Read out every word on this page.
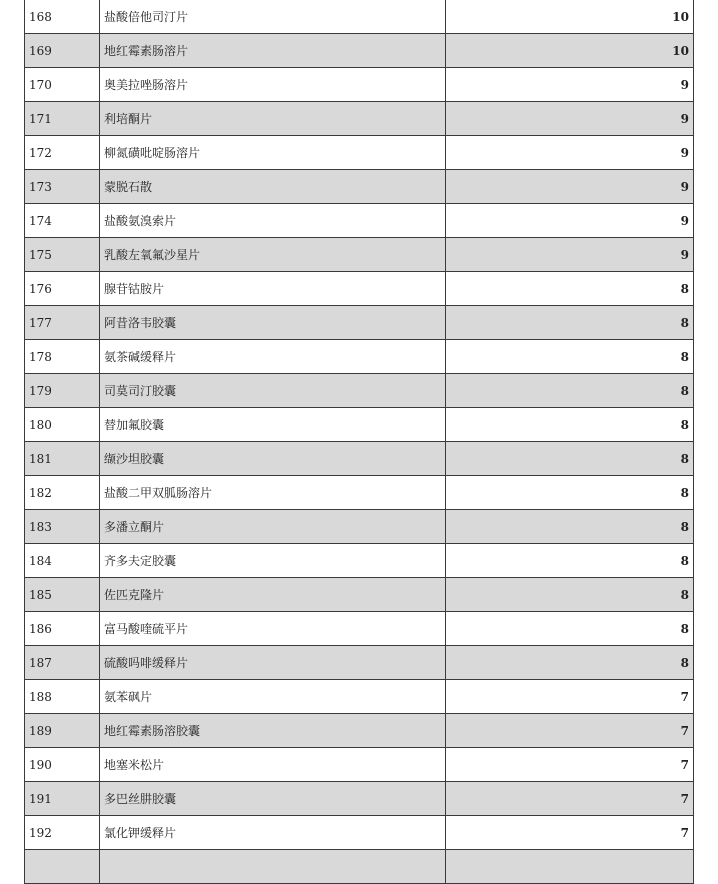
168	盐酸倍他司汀片	10
169	地红霉素肠溶片	10
170	奥美拉唑肠溶片	9
171	利培酮片	9
172	柳氮磺吡啶肠溶片	9
173	蒙脱石散	9
174	盐酸氨溴索片	9
175	乳酸左氧氟沙星片	9
176	腺苷钴胺片	8
177	阿昔洛韦胶囊	8
178	氨茶碱缓释片	8
179	司莫司汀胶囊	8
180	替加氟胶囊	8
181	缬沙坦胶囊	8
182	盐酸二甲双胍肠溶片	8
183	多潘立酮片	8
184	齐多夫定胶囊	8
185	佐匹克隆片	8
186	富马酸喹硫平片	8
187	硫酸吗啡缓释片	8
188	氨苯砜片	7
189	地红霉素肠溶胶囊	7
190	地塞米松片	7
191	多巴丝肼胶囊	7
192	氯化钾缓释片	7
